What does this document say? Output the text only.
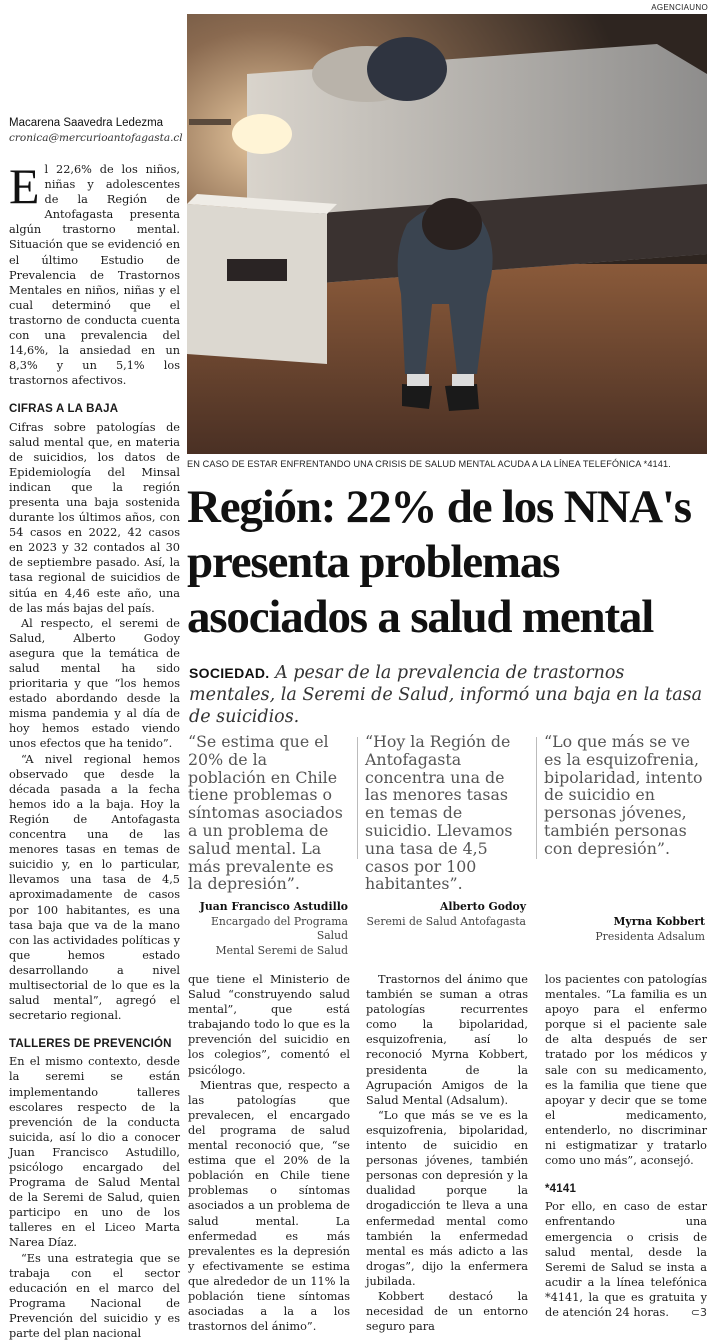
AGENCIAUNO
EN CASO DE ESTAR ENFRENTANDO UNA CRISIS DE SALUD MENTAL ACUDA A LA LÍNEA TELEFÓNICA *4141.
Macarena Saavedra Ledezma
cronica@mercurioantofagasta.cl

El 22,6% de los niños, niñas y adolescentes de la Región de Antofagasta presenta algún trastorno mental. Situación que se evidenció en el último Estudio de Prevalencia de Trastornos Mentales en niños, niñas y el cual determinó que el trastorno de conducta cuenta con una prevalencia del 14,6%, la ansiedad en un 8,3% y un 5,1% los trastornos afectivos.

CIFRAS A LA BAJA

Cifras sobre patologías de salud mental que, en materia de suicidios, los datos de Epidemiología del Minsal indican que la región presenta una baja sostenida durante los últimos años, con 54 casos en 2022, 42 casos en 2023 y 32 contados al 30 de septiembre pasado. Así, la tasa regional de suicidios de sitúa en 4,46 este año, una de las más bajas del país.

Al respecto, el seremi de Salud, Alberto Godoy asegura que la temática de salud mental ha sido prioritaria y que “los hemos estado abordando desde la misma pandemia y al día de hoy hemos estado viendo unos efectos que ha tenido”.

“A nivel regional hemos observado que desde la década pasada a la fecha hemos ido a la baja. Hoy la Región de Antofagasta concentra una de las menores tasas en temas de suicidio y, en lo particular, llevamos una tasa de 4,5 aproximadamente de casos por 100 habitantes, es una tasa baja que va de la mano con las actividades políticas y que hemos estado desarrollando a nivel multisectorial de lo que es la salud mental”, agregó el secretario regional.

TALLERES DE PREVENCIÓN

En el mismo contexto, desde la seremi se están implementando talleres escolares respecto de la prevención de la conducta suicida, así lo dio a conocer Juan Francisco Astudillo, psicólogo encargado del Programa de Salud Mental de la Seremi de Salud, quien participo en uno de los talleres en el Liceo Marta Narea Díaz.

“Es una estrategia que se trabaja con el sector educación en el marco del Programa Nacional de Prevención del suicidio y es parte del plan nacional

Región: 22% de los NNA's presenta problemas asociados a salud mental
SOCIEDAD. A pesar de la prevalencia de trastornos mentales, la Seremi de Salud, informó una baja en la tasa de suicidios.
“Se estima que el 20% de la población en Chile tiene problemas o síntomas asociados a un problema de salud mental. La más prevalente es la depresión”.
“Hoy la Región de Antofagasta concentra una de las menores tasas en temas de suicidio. Llevamos una tasa de 4,5 casos por 100 habitantes”.
“Lo que más se ve es la esquizofrenia, bipolaridad, intento de suicidio en personas jóvenes, también personas con depresión”.
Juan Francisco Astudillo
Encargado del Programa Salud
Mental Seremi de Salud
Alberto Godoy
Seremi de Salud Antofagasta	Myrna Kobbert
Presidenta Adsalum

que tiene el Ministerio de Salud “construyendo salud mental”, que está trabajando todo lo que es la prevención del suicidio en los colegios”, comentó el psicólogo.

Mientras que, respecto a las patologías que prevalecen, el encargado del programa de salud mental reconoció que, “se estima que el 20% de la población en Chile tiene problemas o síntomas asociados a un problema de salud mental. La enfermedad es más prevalentes es la depresión y efectivamente se estima que alrededor de un 11% la población tiene síntomas asociadas a la a los trastornos del ánimo”.

Trastornos del ánimo que también se suman a otras patologías recurrentes como la bipolaridad, esquizofrenia, así lo reconoció Myrna Kobbert, presidenta de la Agrupación Amigos de la Salud Mental (Adsalum).

“Lo que más se ve es la esquizofrenia, bipolaridad, intento de suicidio en personas jóvenes, también personas con depresión y la dualidad porque la drogadicción te lleva a una enfermedad mental como también la enfermedad mental es más adicto a las drogas”, dijo la enfermera jubilada.

Kobbert destacó la necesidad de un entorno seguro para

los pacientes con patologías mentales. “La familia es un apoyo para el enfermo porque si el paciente sale de alta después de ser tratado por los médicos y sale con su medicamento, es la familia que tiene que apoyar y decir que se tome el medicamento, entenderlo, no discriminar ni estigmatizar y tratarlo como uno más”, aconsejó.

*4141

Por ello, en caso de estar enfrentando una emergencia o crisis de salud mental, desde la Seremi de Salud se insta a acudir a la línea telefónica *4141, la que es gratuita y de atención 24 horas. ⊂3
